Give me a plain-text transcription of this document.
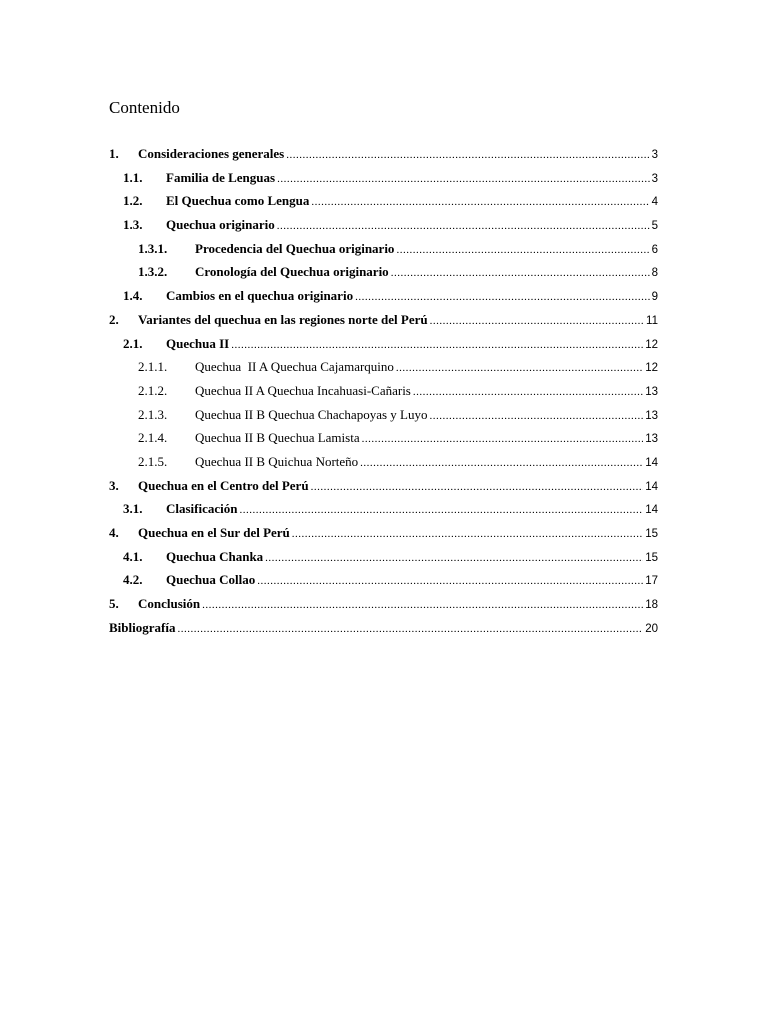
Contenido
1.	Consideraciones generales .....	3
1.1.	Familia de Lenguas .....	3
1.2.	El Quechua como Lengua .....	4
1.3.	Quechua originario .....	5
1.3.1.	Procedencia del Quechua originario .....	6
1.3.2.	Cronología del Quechua originario .....	8
1.4.	Cambios en el quechua originario .....	9
2.	Variantes del quechua en las regiones norte del Perú .....	11
2.1.	Quechua II .....	12
2.1.1.	Quechua  II A Quechua Cajamarquino .....	12
2.1.2.	Quechua II A Quechua Incahuasi-Cañaris .....	13
2.1.3.	Quechua II B Quechua Chachapoyas y Luyo .....	13
2.1.4.	Quechua II B Quechua Lamista .....	13
2.1.5.	Quechua II B Quichua Norteño .....	14
3.	Quechua en el Centro del Perú .....	14
3.1.	Clasificación .....	14
4.	Quechua en el Sur del Perú .....	15
4.1.	Quechua Chanka .....	15
4.2.	Quechua Collao .....	17
5.	Conclusión .....	18
Bibliografía .....	20
